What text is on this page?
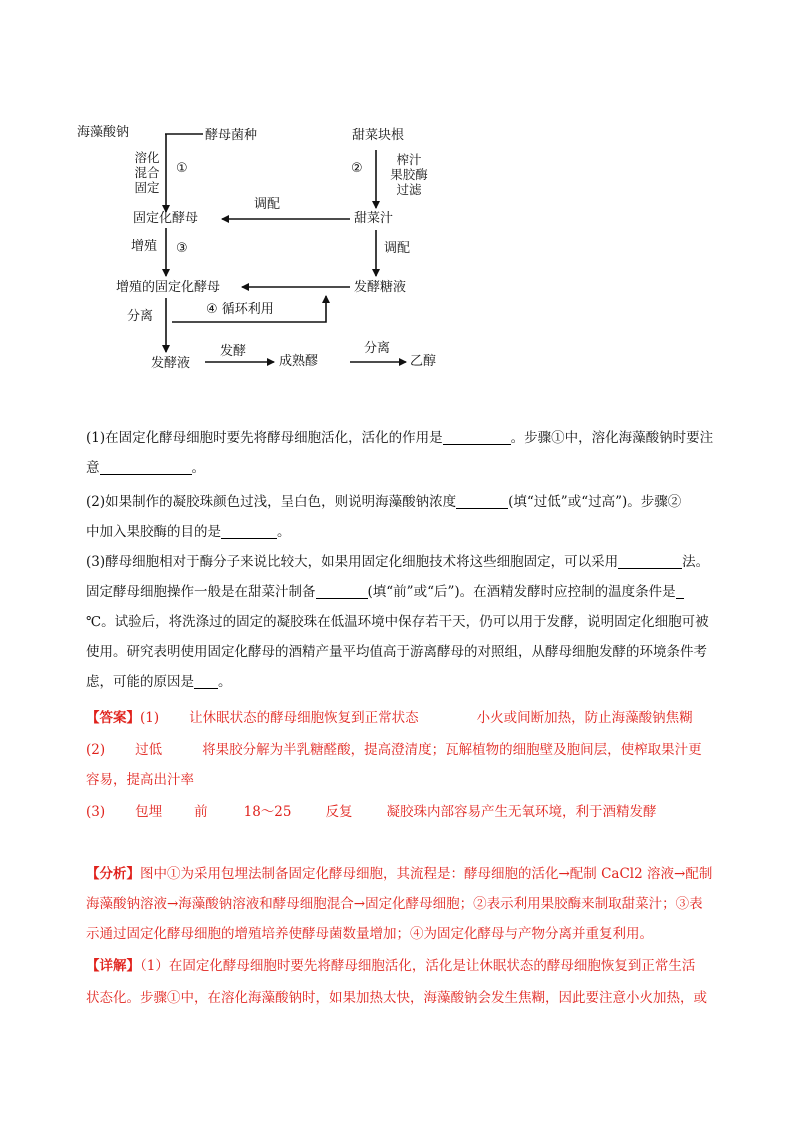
海藻酸钠	酵母菌种	甜菜块根
溶化
混合
固定
①	②
榨汁
果胶酶
过滤
调配
固定化酵母	甜菜汁
增殖 ③	调配
增殖的固定化酵母	发酵糖液
分离	④ 循环利用
发酵	分离
发酵液	成熟醪	乙醇
(1)在固定化酵母细胞时要先将酵母细胞活化，活化的作用是	。步骤①中，溶化海藻酸钠时要注
意	。
(2)如果制作的凝胶珠颜色过浅，呈白色，则说明海藻酸钠浓度	(填“过低”或“过高”)。步骤②
中加入果胶酶的目的是	。
(3)酵母细胞相对于酶分子来说比较大，如果用固定化细胞技术将这些细胞固定，可以采用	法。
固定酵母细胞操作一般是在甜菜汁制备	(填“前”或“后”)。在酒精发酵时应控制的温度条件是
℃。试验后，将洗涤过的固定的凝胶珠在低温环境中保存若干天，仍可以用于发酵，说明固定化细胞可被
使用。研究表明使用固定化酵母的酒精产量平均值高于游离酵母的对照组，从酵母细胞发酵的环境条件考
虑，可能的原因是 。
【答案】(1) 让休眠状态的酵母细胞恢复到正常状态	小火或间断加热，防止海藻酸钠焦糊
(2) 过低	将果胶分解为半乳糖醛酸，提高澄清度；瓦解植物的细胞壁及胞间层，使榨取果汁更
容易，提高出汁率
(3) 包埋 前	18～25	反复	凝胶珠内部容易产生无氧环境，利于酒精发酵
【分析】图中①为采用包埋法制备固定化酵母细胞，其流程是：酵母细胞的活化→配制 CaCl2 溶液→配制
海藻酸钠溶液→海藻酸钠溶液和酵母细胞混合→固定化酵母细胞；②表示利用果胶酶来制取甜菜汁；③表
示通过固定化酵母细胞的增殖培养使酵母菌数量增加；④为固定化酵母与产物分离并重复利用。
【详解】（1）在固定化酵母细胞时要先将酵母细胞活化，活化是让休眠状态的酵母细胞恢复到正常生活
状态化。步骤①中，在溶化海藻酸钠时，如果加热太快，海藻酸钠会发生焦糊，因此要注意小火加热，或
